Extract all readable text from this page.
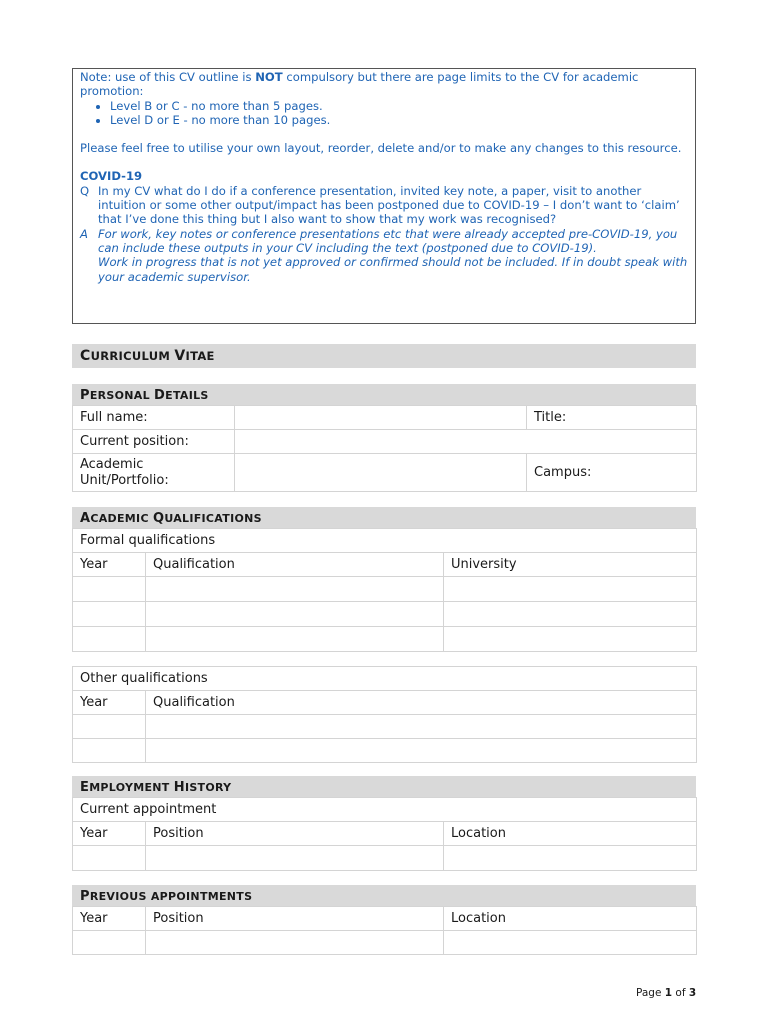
Note: use of this CV outline is NOT compulsory but there are page limits to the CV for academic promotion:

• Level B or C - no more than 5 pages.
• Level D or E - no more than 10 pages.

Please feel free to utilise your own layout, reorder, delete and/or to make any changes to this resource.

COVID-19

Q In my CV what do I do if a conference presentation, invited key note, a paper, visit to another intuition or some other output/impact has been postponed due to COVID-19 – I don’t want to ‘claim’ that I’ve done this thing but I also want to show that my work was recognised?
A For work, key notes or conference presentations etc that were already accepted pre-COVID-19, you can include these outputs in your CV including the text (postponed due to COVID-19).
Work in progress that is not yet approved or confirmed should not be included. If in doubt speak with your academic supervisor.
CURRICULUM VITAE
PERSONAL DETAILS
Full name:		Title:
Current position:		

Academic
Unit/Portfolio:		Campus:
ACADEMIC QUALIFICATIONS
Formal qualifications		
Year	Qualification	University

Other qualifications	
Year	Qualification

EMPLOYMENT HISTORY
Current appointment		
Year	Position	Location

PREVIOUS APPOINTMENTS
Year	Position	Location

Page 1 of 3
